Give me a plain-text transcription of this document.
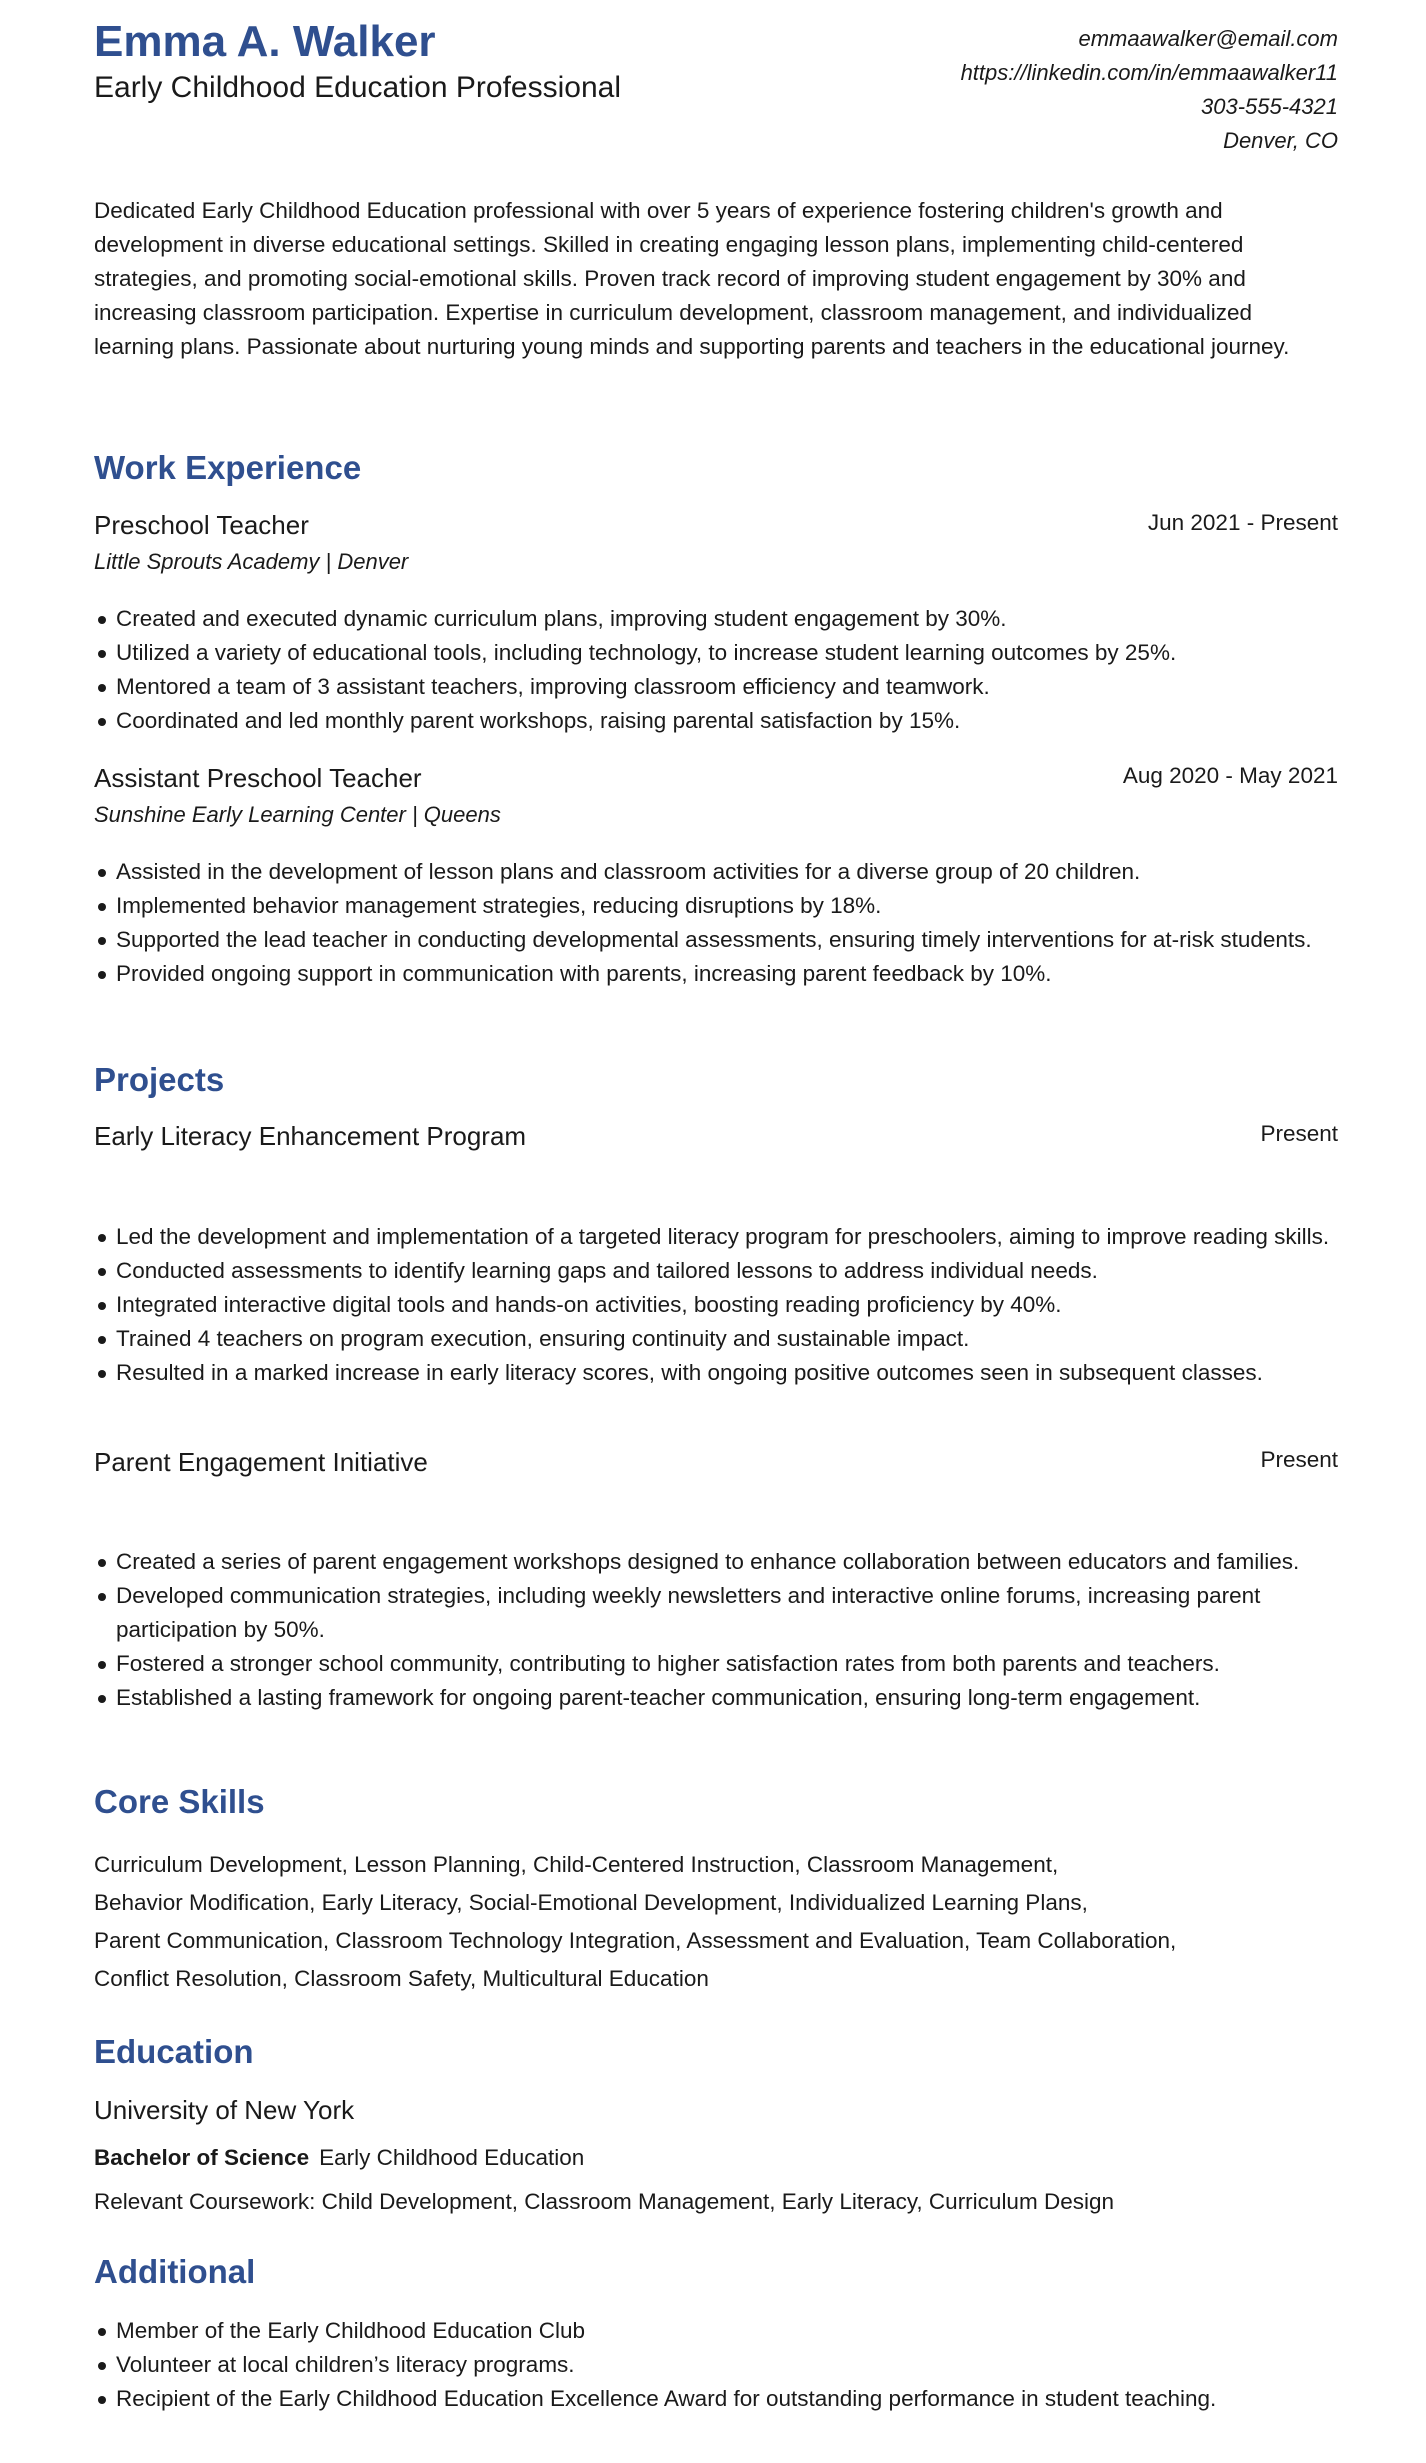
Emma A. Walker
Early Childhood Education Professional
emmaawalker@email.com
https://linkedin.com/in/emmaawalker11
303-555-4321
Denver, CO
Dedicated Early Childhood Education professional with over 5 years of experience fostering children's growth and development in diverse educational settings. Skilled in creating engaging lesson plans, implementing child-centered strategies, and promoting social-emotional skills. Proven track record of improving student engagement by 30% and increasing classroom participation. Expertise in curriculum development, classroom management, and individualized learning plans. Passionate about nurturing young minds and supporting parents and teachers in the educational journey.
Work Experience
Preschool Teacher	Jun 2021 - Present
Little Sprouts Academy | Denver
Created and executed dynamic curriculum plans, improving student engagement by 30%.
Utilized a variety of educational tools, including technology, to increase student learning outcomes by 25%.
Mentored a team of 3 assistant teachers, improving classroom efficiency and teamwork.
Coordinated and led monthly parent workshops, raising parental satisfaction by 15%.
Assistant Preschool Teacher	Aug 2020 - May 2021
Sunshine Early Learning Center | Queens
Assisted in the development of lesson plans and classroom activities for a diverse group of 20 children.
Implemented behavior management strategies, reducing disruptions by 18%.
Supported the lead teacher in conducting developmental assessments, ensuring timely interventions for at-risk students.
Provided ongoing support in communication with parents, increasing parent feedback by 10%.
Projects
Early Literacy Enhancement Program	Present
Led the development and implementation of a targeted literacy program for preschoolers, aiming to improve reading skills.
Conducted assessments to identify learning gaps and tailored lessons to address individual needs.
Integrated interactive digital tools and hands-on activities, boosting reading proficiency by 40%.
Trained 4 teachers on program execution, ensuring continuity and sustainable impact.
Resulted in a marked increase in early literacy scores, with ongoing positive outcomes seen in subsequent classes.
Parent Engagement Initiative	Present
Created a series of parent engagement workshops designed to enhance collaboration between educators and families.
Developed communication strategies, including weekly newsletters and interactive online forums, increasing parent participation by 50%.
Fostered a stronger school community, contributing to higher satisfaction rates from both parents and teachers.
Established a lasting framework for ongoing parent-teacher communication, ensuring long-term engagement.
Core Skills
Curriculum Development, Lesson Planning, Child-Centered Instruction, Classroom Management,
Behavior Modification, Early Literacy, Social-Emotional Development, Individualized Learning Plans,
Parent Communication, Classroom Technology Integration, Assessment and Evaluation, Team Collaboration,
Conflict Resolution, Classroom Safety, Multicultural Education
Education
University of New York
Bachelor of Science Early Childhood Education
Relevant Coursework: Child Development, Classroom Management, Early Literacy, Curriculum Design
Additional
Member of the Early Childhood Education Club
Volunteer at local children’s literacy programs.
Recipient of the Early Childhood Education Excellence Award for outstanding performance in student teaching.
